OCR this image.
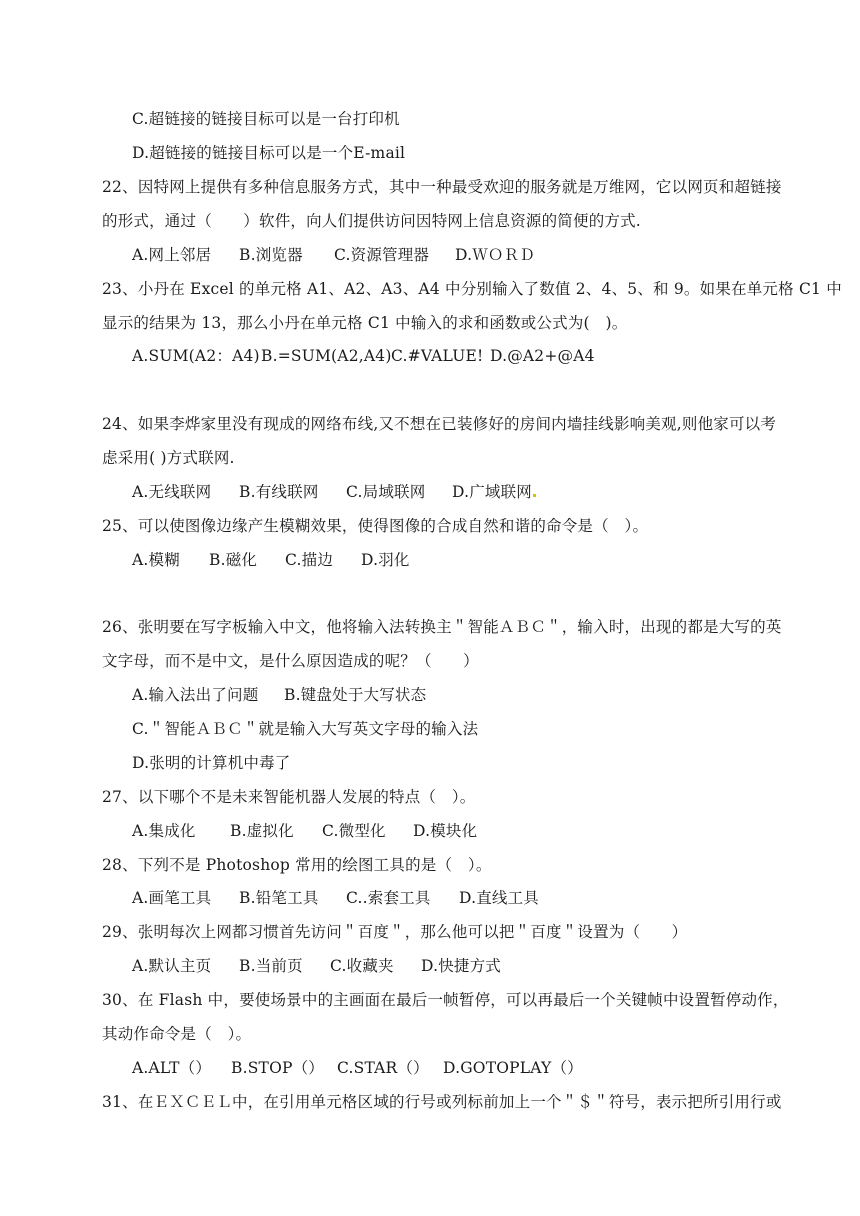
C.超链接的链接目标可以是一台打印机
D.超链接的链接目标可以是一个E-mail
22、因特网上提供有多种信息服务方式，其中一种最受欢迎的服务就是万维网，它以网页和超链接
的形式，通过（　　）软件，向人们提供访问因特网上信息资源的简便的方式.
A.网上邻居 B.浏览器 C.资源管理器 D.ＷＯＲＤ
23、小丹在 Excel 的单元格 A1、A2、A3、A4 中分别输入了数值 2、4、5、和 9。如果在单元格 C1 中
显示的结果为 13，那么小丹在单元格 C1 中输入的求和函数或公式为(　)。
A.SUM(A2：A4)B.=SUM(A2,A4)C.#VALUE! D.@A2+@A4
24、如果李烨家里没有现成的网络布线,又不想在已装修好的房间内墙挂线影响美观,则他家可以考
虑采用( )方式联网.
A.无线联网 B.有线联网 C.局域联网 D.广域联网
25、可以使图像边缘产生模糊效果，使得图像的合成自然和谐的命令是（　）。
A.模糊 B.磁化 C.描边 D.羽化
26、张明要在写字板输入中文，他将输入法转换主＂智能ＡＢＣ＂，输入时，出现的都是大写的英
文字母，而不是中文，是什么原因造成的呢？（　　）
A.输入法出了问题 B.键盘处于大写状态
C.＂智能ＡＢＣ＂就是输入大写英文字母的输入法
D.张明的计算机中毒了
27、以下哪个不是未来智能机器人发展的特点（　）。
A.集成化 B.虚拟化 C.微型化 D.模块化
28、下列不是 Photoshop 常用的绘图工具的是（　）。
A.画笔工具 B.铅笔工具 C..索套工具 D.直线工具
29、张明每次上网都习惯首先访问＂百度＂，那么他可以把＂百度＂设置为（　　）
A.默认主页 B.当前页 C.收藏夹 D.快捷方式
30、在 Flash 中，要使场景中的主画面在最后一帧暂停，可以再最后一个关键帧中设置暂停动作，
其动作命令是（　）。
A.ALT（） B.STOP（） C.STAR（） D.GOTOPLAY（）
31、在ＥＸＣＥＬ中，在引用单元格区域的行号或列标前加上一个＂＄＂符号，表示把所引用行或
